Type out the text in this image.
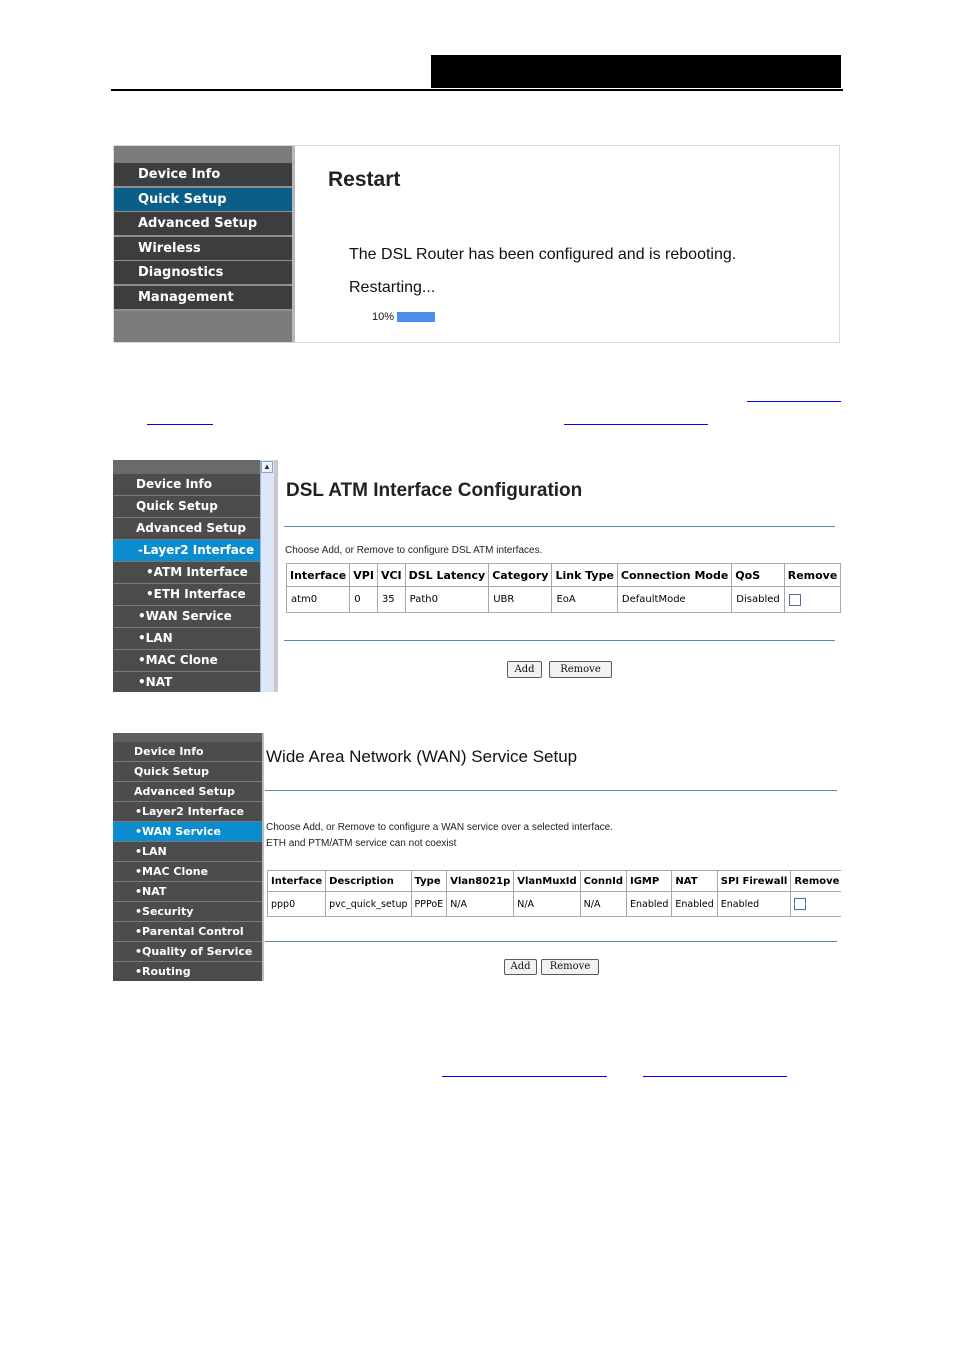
Device Info
Quick Setup
Advanced Setup
Wireless
Diagnostics
Management
Restart
The DSL Router has been configured and is rebooting.
Restarting...
10%
Device Info
Quick Setup
Advanced Setup
-Layer2 Interface
•ATM Interface
•ETH Interface
•WAN Service
•LAN
•MAC Clone
•NAT
▲
DSL ATM Interface Configuration
Choose Add, or Remove to configure DSL ATM interfaces.
Interface	VPI	VCI	DSL Latency	Category	Link Type	Connection Mode	QoS	Remove
atm0	0	35	Path0	UBR	EoA	DefaultMode	Disabled	
Add	Remove
Device Info
Quick Setup
Advanced Setup
•Layer2 Interface
•WAN Service
•LAN
•MAC Clone
•NAT
•Security
•Parental Control
•Quality of Service
•Routing
Wide Area Network (WAN) Service Setup
Choose Add, or Remove to configure a WAN service over a selected interface.
ETH and PTM/ATM service can not coexist
Interface	Description	Type	Vlan8021p	VlanMuxId	ConnId	IGMP	NAT	SPI Firewall	Remove
ppp0	pvc_quick_setup	PPPoE	N/A	N/A	N/A	Enabled	Enabled	Enabled	
Add	Remove
